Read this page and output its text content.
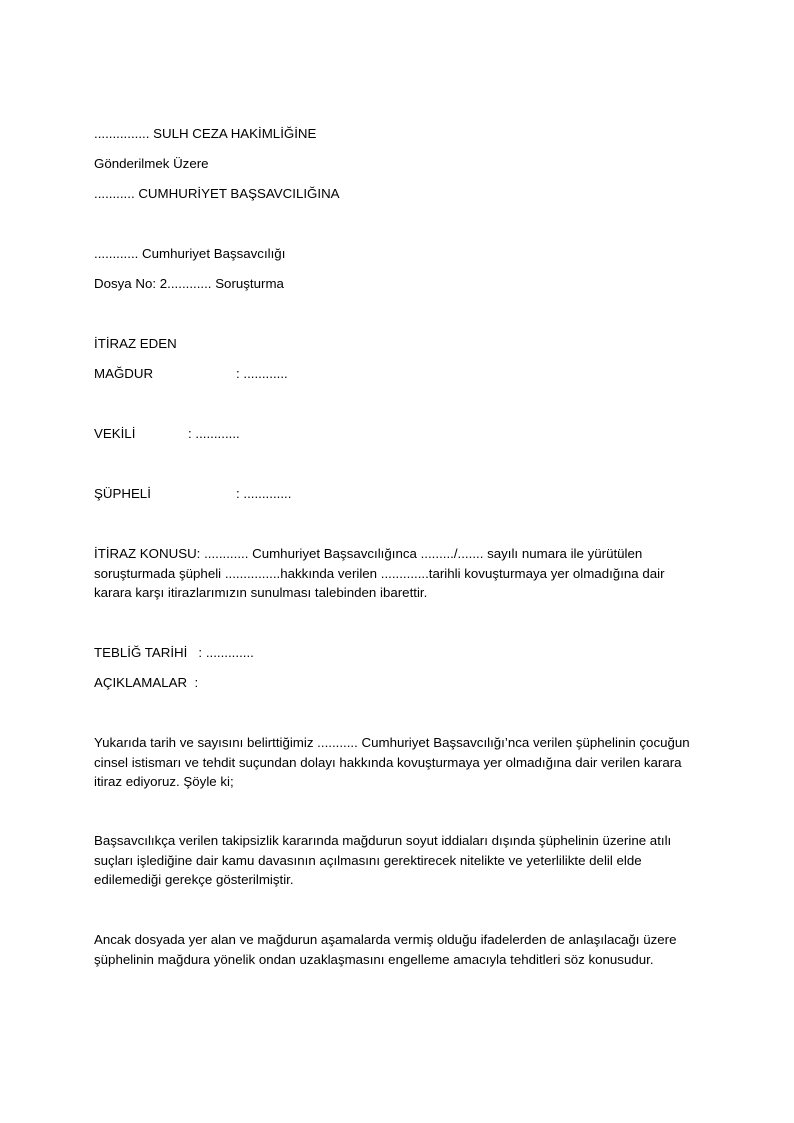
............... SULH CEZA HAKİMLİĞİNE

Gönderilmek Üzere

........... CUMHURİYET BAŞSAVCILIĞINA

............ Cumhuriyet Başsavcılığı

Dosya No: 2............ Soruşturma

İTİRAZ EDEN

MAĞDUR	: ............

VEKİLİ	: ............

ŞÜPHELİ	: .............
İTİRAZ KONUSU: ............ Cumhuriyet Başsavcılığınca ........./....... sayılı numara ile yürütülen
soruşturmada şüpheli ...............hakkında verilen .............tarihli kovuşturmaya yer olmadığına dair
karara karşı itirazlarımızın sunulması talebinden ibarettir.

TEBLİĞ TARİHİ   : .............

AÇIKLAMALAR  :

Yukarıda tarih ve sayısını belirttiğimiz ........... Cumhuriyet Başsavcılığı’nca verilen şüphelinin çocuğun
cinsel istismarı ve tehdit suçundan dolayı hakkında kovuşturmaya yer olmadığına dair verilen karara
itiraz ediyoruz. Şöyle ki;
Başsavcılıkça verilen takipsizlik kararında mağdurun soyut iddiaları dışında şüphelinin üzerine atılı
suçları işlediğine dair kamu davasının açılmasını gerektirecek nitelikte ve yeterlilikte delil elde
edilemediği gerekçe gösterilmiştir.
Ancak dosyada yer alan ve mağdurun aşamalarda vermiş olduğu ifadelerden de anlaşılacağı üzere
şüphelinin mağdura yönelik ondan uzaklaşmasını engelleme amacıyla tehditleri söz konusudur.
